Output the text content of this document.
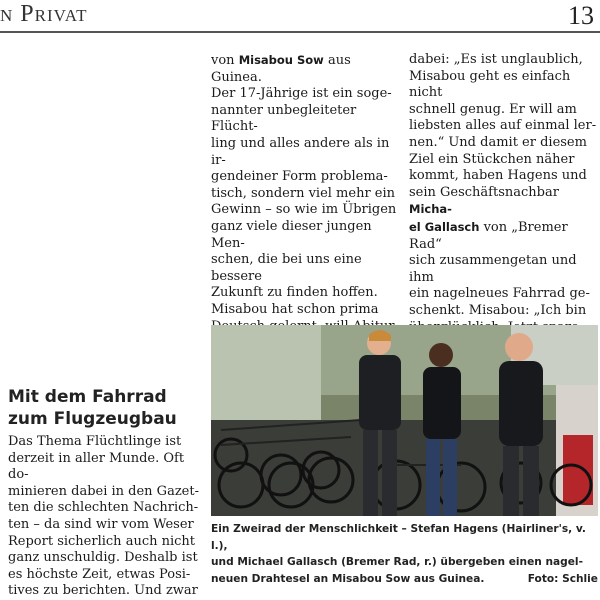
n Privat	13

von Misabou Sow aus Guinea.

Der 17-Jährige ist ein soge-

nannter unbegleiteter Flücht-

ling und alles andere als in ir-

gendeiner Form problema-

tisch, sondern viel mehr ein

Gewinn – so wie im Übrigen

ganz viele dieser jungen Men-

schen, die bei uns eine bessere

Zukunft zu finden hoffen.

Misabou hat schon prima

dabei: „Es ist unglaublich,

Misabou geht es einfach nicht

schnell genug. Er will am

liebsten alles auf einmal ler-

nen.“ Und damit er diesem

Ziel ein Stückchen näher

kommt, haben Hagens und

sein Geschäftsnachbar Micha-

el Gallasch von „Bremer Rad“

sich zusammengetan und ihm

ein nagelneues Fahrrad ge-

schenkt. Misabou: „Ich bin

Mit dem Fahrrad
zum Flugzeugbau

Das Thema Flüchtlinge ist

derzeit in aller Munde. Oft do-

minieren dabei in den Gazet-

ten die schlechten Nachrich-

ten – da sind wir vom Weser

Report sicherlich auch nicht

ganz unschuldig. Deshalb ist

es höchste Zeit, etwas Posi-

tives zu berichten. Und zwar

Ein Zweirad der Menschlichkeit – Stefan Hagens (Hairliner's, v. l.),
und Michael Gallasch (Bremer Rad, r.) übergeben einen nagel-
neuen Drahtesel an Misabou Sow aus Guinea.	Foto: Schlie
